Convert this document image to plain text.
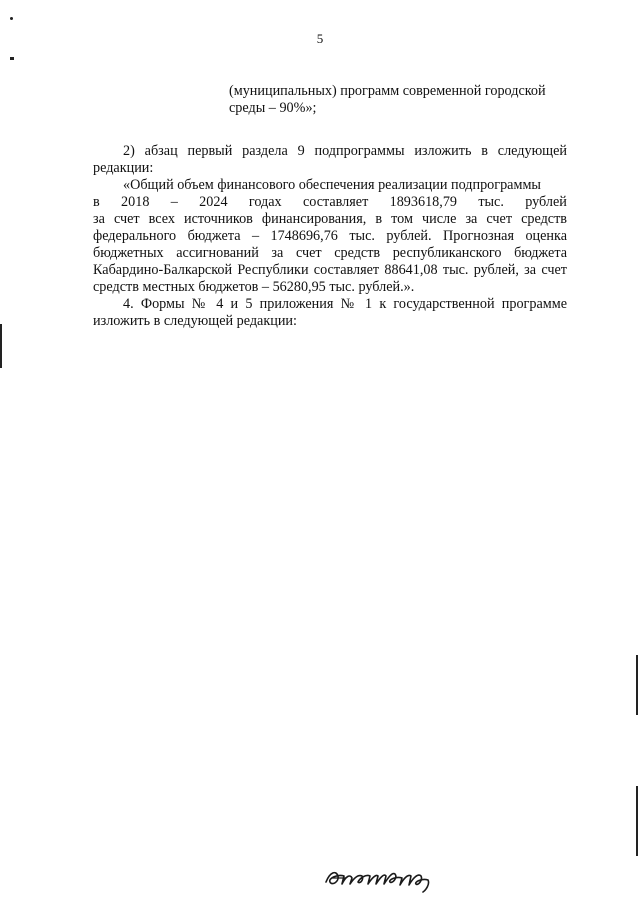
5
(муниципальных) программ современной городской
среды – 90%»;
2) абзац первый раздела 9 подпрограммы изложить в следующей редакции:
«Общий объем финансового обеспечения реализации подпрограммы
в 2018 – 2024 годах составляет 1893618,79 тыс. рублей
за счет всех источников финансирования, в том числе за счет средств федерального бюджета – 1748696,76 тыс. рублей. Прогнозная оценка бюджетных ассигнований за счет средств республиканского бюджета Кабардино-Балкарской Республики составляет 88641,08 тыс. рублей, за счет средств местных бюджетов – 56280,95 тыс. рублей.».
4. Формы № 4 и 5 приложения № 1 к государственной программе изложить в следующей редакции:
